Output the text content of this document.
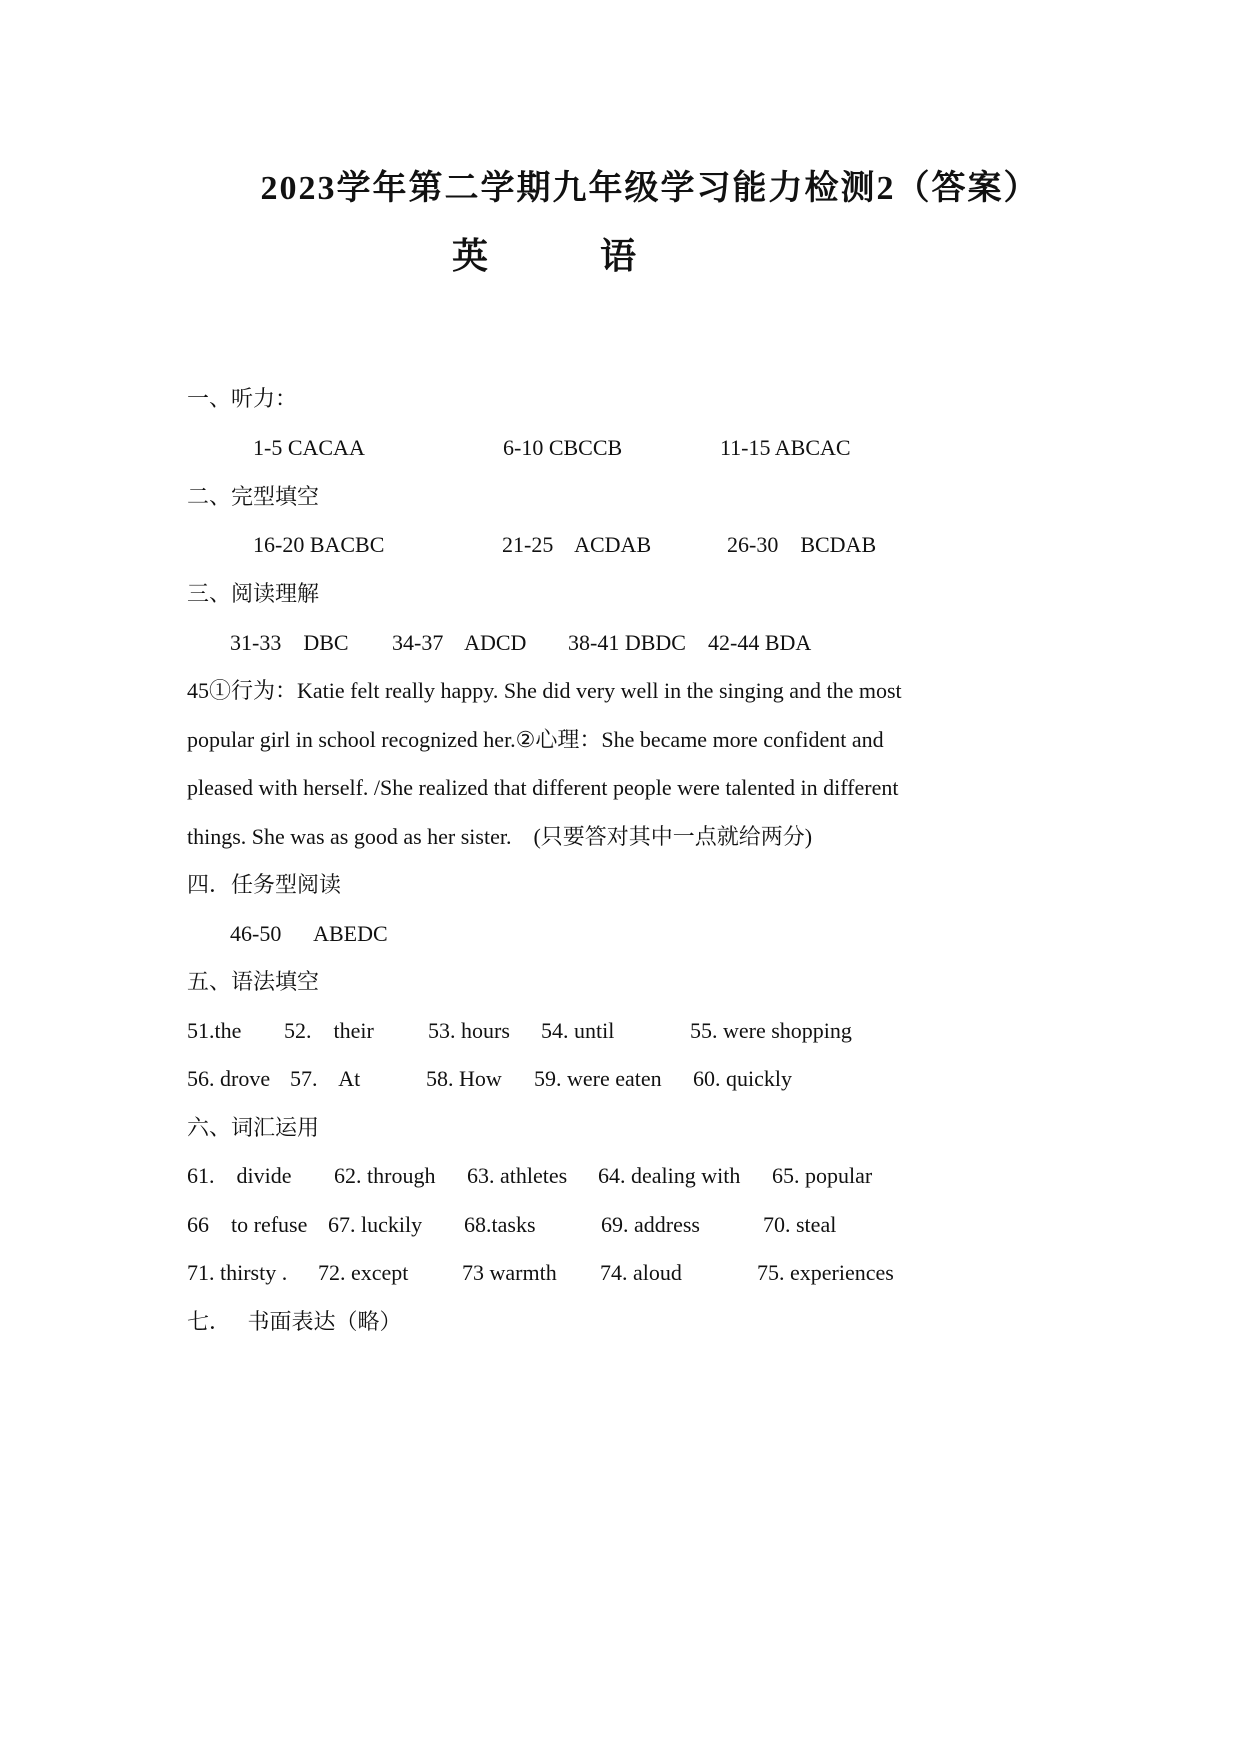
2023学年第二学期九年级学习能力检测2（答案）
英	语
一、听力：
1-5 CACAA	6-10 CBCCB	11-15 ABCAC
二、完型填空
16-20 BACBC	21-25    ACDAB	26-30    BCDAB
三、阅读理解
31-33    DBC 34-37    ADCD 38-41 DBDC 42-44 BDA
45①行为：Katie felt really happy. She did very well in the singing and the most
popular girl in school recognized her.②心理：She became more confident and
pleased with herself. /She realized that different people were talented in different
things. She was as good as her sister.    (只要答对其中一点就给两分)
四．任务型阅读
46-50      ABEDC
五、语法填空
51.the 52.    their 53. hours 54. until	55. were shopping
56. drove 57.    At	58. How 59. were eaten 60. quickly
六、词汇运用
61.    divide 62. through 63. athletes 64. dealing with 65. popular
66    to refuse 67. luckily 68.tasks	69. address	70. steal
71. thirsty . 72. except 73 warmth 74. aloud	75. experiences
七．   书面表达（略）
